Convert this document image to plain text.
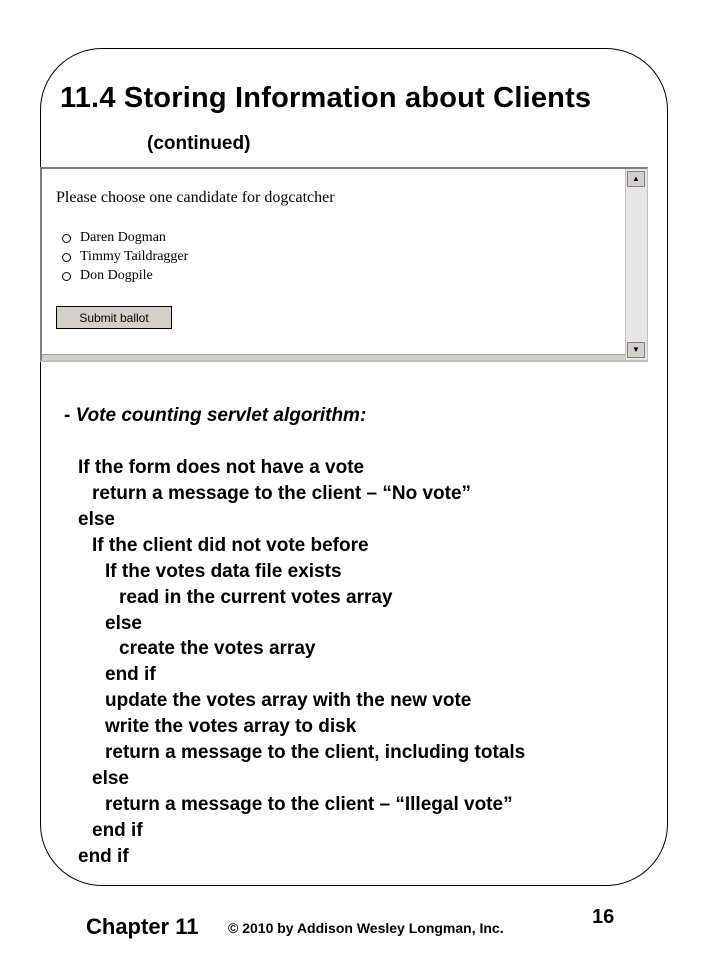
11.4 Storing Information about Clients
(continued)
Please choose one candidate for dogcatcher
Daren Dogman
Timmy Taildragger
Don Dogpile
Submit ballot
▲
▼
- Vote counting servlet algorithm:
If the form does not have a vote
return a message to the client – “No vote”
else
If the client did not vote before
If the votes data file exists
read in the current votes array
else
create the votes array
end if
update the votes array with the new vote
write the votes array to disk
return a message to the client, including totals
else
return a message to the client – “Illegal vote”
end if
end if
Chapter 11 © 2010 by Addison Wesley Longman, Inc.	16
